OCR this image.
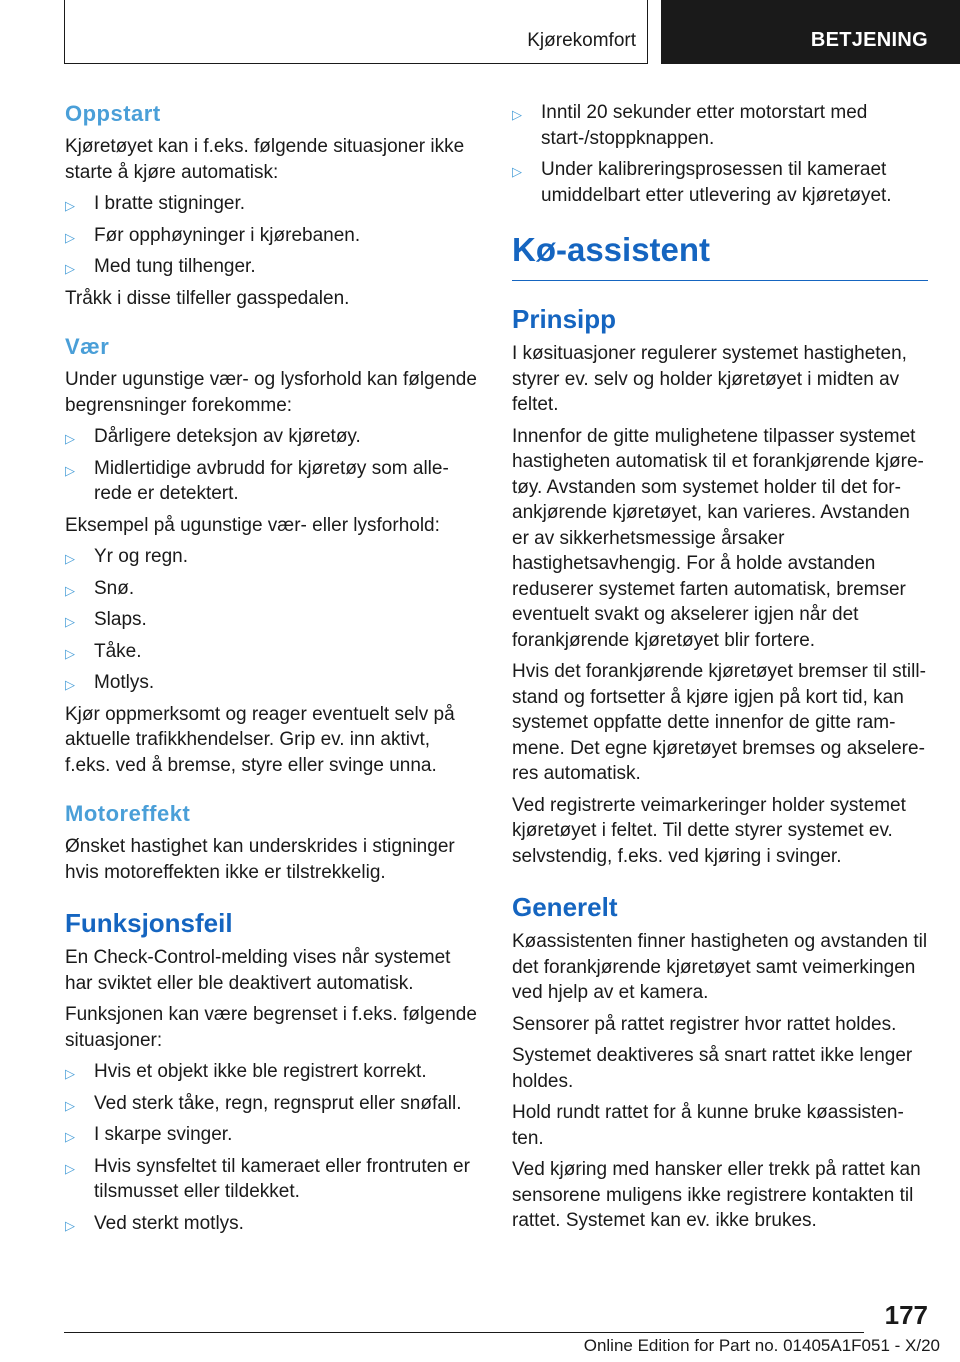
Kjørekomfort	BETJENING
Oppstart

Kjøretøyet kan i f.eks. følgende situasjoner ikke starte å kjøre automatisk:

▷ I bratte stigninger.
▷ Før opphøyninger i kjørebanen.
▷ Med tung tilhenger.

Tråkk i disse tilfeller gasspedalen.

Vær

Under ugunstige vær- og lysforhold kan følgende begrensninger forekomme:

▷ Dårligere deteksjon av kjøretøy.
▷ Midlertidige avbrudd for kjøretøy som allerede er detektert.

Eksempel på ugunstige vær- eller lysforhold:

▷ Yr og regn.
▷ Snø.
▷ Slaps.
▷ Tåke.
▷ Motlys.

Kjør oppmerksomt og reager eventuelt selv på aktuelle trafikkhendelser. Grip ev. inn aktivt, f.eks. ved å bremse, styre eller svinge unna.

Motoreffekt

Ønsket hastighet kan underskrides i stigninger hvis motoreffekten ikke er tilstrekkelig.

Funksjonsfeil

En Check-Control-melding vises når systemet har sviktet eller ble deaktivert automatisk.

Funksjonen kan være begrenset i f.eks. følgende situasjoner:

▷ Hvis et objekt ikke ble registrert korrekt.
▷ Ved sterk tåke, regn, regnsprut eller snøfall.
▷ I skarpe svinger.
▷ Hvis synsfeltet til kameraet eller frontruten er tilsmusset eller tildekket.
▷ Ved sterkt motlys.
▷ Inntil 20 sekunder etter motorstart med start-/stoppknappen.
▷ Under kalibreringsprosessen til kameraet umiddelbart etter utlevering av kjøretøyet.
Kø-assistent
Prinsipp

I køsituasjoner regulerer systemet hastigheten, styrer ev. selv og holder kjøretøyet i midten av feltet.

Innenfor de gitte mulighetene tilpasser systemet hastigheten automatisk til et forankjørende kjøretøy. Avstanden som systemet holder til det forankjørende kjøretøyet, kan varieres. Avstanden er av sikkerhetsmessige årsaker hastighetsavhengig. For å holde avstanden reduserer systemet farten automatisk, bremser eventuelt svakt og akselerer igjen når det forankjørende kjøretøyet blir fortere.

Hvis det forankjørende kjøretøyet bremser til stillstand og fortsetter å kjøre igjen på kort tid, kan systemet oppfatte dette innenfor de gitte rammene. Det egne kjøretøyet bremses og akselereres automatisk.

Ved registrerte veimarkeringer holder systemet kjøretøyet i feltet. Til dette styrer systemet ev. selvstendig, f.eks. ved kjøring i svinger.

Generelt

Køassistenten finner hastigheten og avstanden til det forankjørende kjøretøyet samt veimerkingen ved hjelp av et kamera.

Sensorer på rattet registrer hvor rattet holdes.

Systemet deaktiveres så snart rattet ikke lenger holdes.

Hold rundt rattet for å kunne bruke køassistenten.

Ved kjøring med hansker eller trekk på rattet kan sensorene muligens ikke registrere kontakten til rattet. Systemet kan ev. ikke brukes.

177
Online Edition for Part no. 01405A1F051 - X/20
